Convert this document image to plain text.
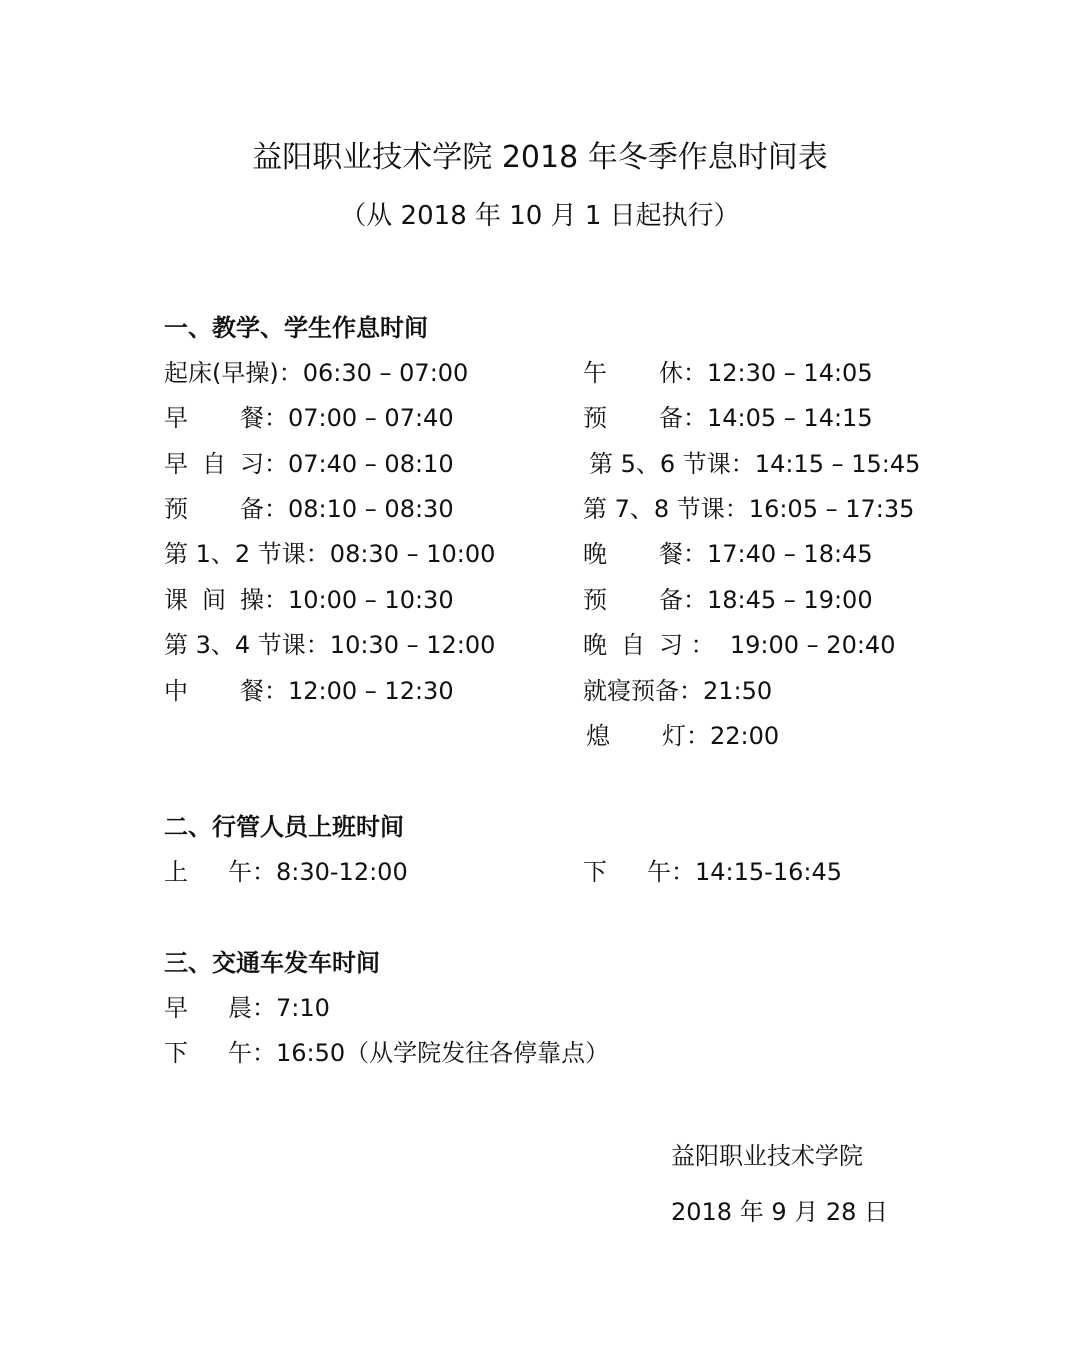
益阳职业技术学院 2018 年冬季作息时间表
（从 2018 年 10 月 1 日起执行）
一、教学、学生作息时间
起床(早操)：06:30 – 07:00
早 餐 ：07:00 – 07:40
早 自 习 ：07:40 – 08:10
预 备 ：08:10 – 08:30
第 1、2 节课：08:30 – 10:00
课 间 操 ：10:00 – 10:30
第 3、4 节课：10:30 – 12:00
中 餐 ：12:00 – 12:30
午 休 ：12:30 – 14:05
预 备 ：14:05 – 14:15
第 5、6 节课：14:15 – 15:45
第 7、8 节课：16:05 – 17:35
晚 餐 ：17:40 – 18:45
预 备 ：18:45 – 19:00
晚 自 习 ：  19:00 – 20:40
就寝预备：21:50
熄 灯 ：22:00
二、行管人员上班时间
上 午 ：8:30-12:00	下 午 ：14:15-16:45
三、交通车发车时间
早 晨 ：7:10
下 午 ：16:50（从学院发往各停靠点）
益阳职业技术学院
2018 年 9 月 28 日
